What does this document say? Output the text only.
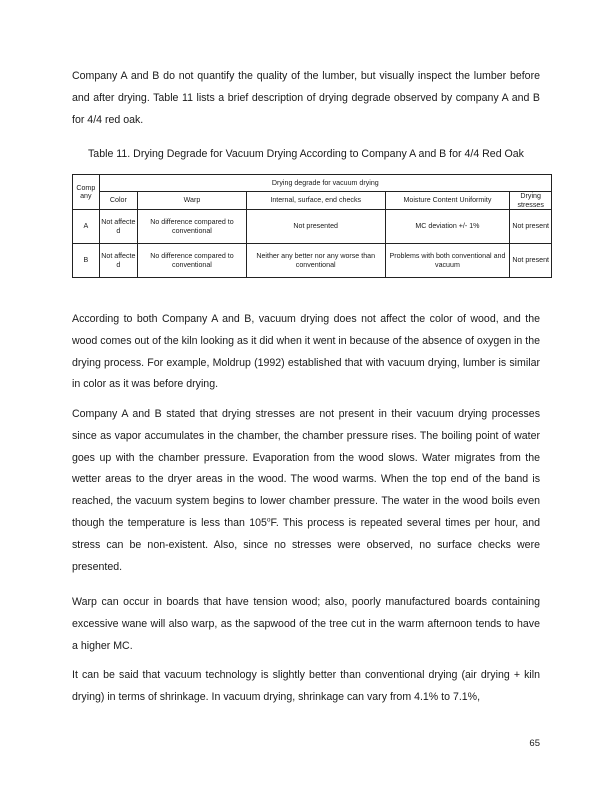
Company A and B do not quantify the quality of the lumber, but visually inspect the lumber before and after drying. Table 11 lists a brief description of drying degrade observed by company A and B for 4/4 red oak.

Table 11. Drying Degrade for Vacuum Drying According to Company A and B for 4/4 Red Oak

Comp any	Drying degrade for vacuum drying				
	Color	Warp	Internal, surface, end checks	Moisture Content Uniformity	Drying stresses
A	Not affecte d	No difference compared to conventional	Not presented	MC deviation +/- 1%	Not present
B	Not affecte d	No difference compared to conventional	Neither any better nor any worse than conventional	Problems with both conventional and vacuum	Not present

According to both Company A and B, vacuum drying does not affect the color of wood, and the wood comes out of the kiln looking as it did when it went in because of the absence of oxygen in the drying process. For example, Moldrup (1992) established that with vacuum drying, lumber is similar in color as it was before drying.

Company A and B stated that drying stresses are not present in their vacuum drying processes since as vapor accumulates in the chamber, the chamber pressure rises. The boiling point of water goes up with the chamber pressure. Evaporation from the wood slows. Water migrates from the wetter areas to the dryer areas in the wood. The wood warms. When the top end of the band is reached, the vacuum system begins to lower chamber pressure. The water in the wood boils even though the temperature is less than 105$^o$F. This process is repeated several times per hour, and stress can be non-existent. Also, since no stresses were observed, no surface checks were presented.

Warp can occur in boards that have tension wood; also, poorly manufactured boards containing excessive wane will also warp, as the sapwood of the tree cut in the warm afternoon tends to have a higher MC.

It can be said that vacuum technology is slightly better than conventional drying (air drying + kiln drying) in terms of shrinkage. In vacuum drying, shrinkage can vary from 4.1% to 7.1%,

65
